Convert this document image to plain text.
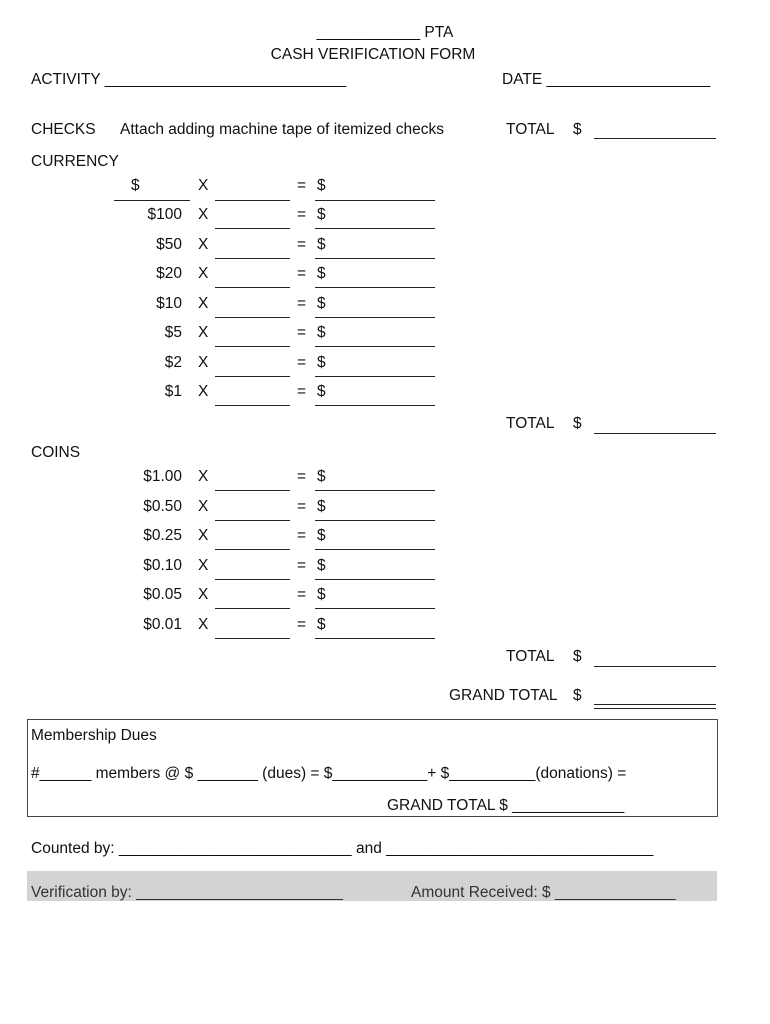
____________ PTA
CASH VERIFICATION FORM
ACTIVITY ____________________________	DATE ___________________
CHECKS Attach adding machine tape of itemized checks	TOTAL $
CURRENCY
$	X	= $
$100 X	= $
$50 X	= $
$20 X	= $
$10 X	= $
$5 X	= $
$2 X	= $
$1 X	= $
TOTAL $
COINS
$1.00 X	= $
$0.50 X	= $
$0.25 X	= $
$0.10 X	= $
$0.05 X	= $
$0.01 X	= $
TOTAL $
GRAND TOTAL $
Membership Dues
#______ members @ $ _______ (dues) = $___________+ $__________(donations) =
GRAND TOTAL $ _____________
Counted by: ___________________________ and _______________________________
Verification by: ________________________	Amount Received: $ ______________
